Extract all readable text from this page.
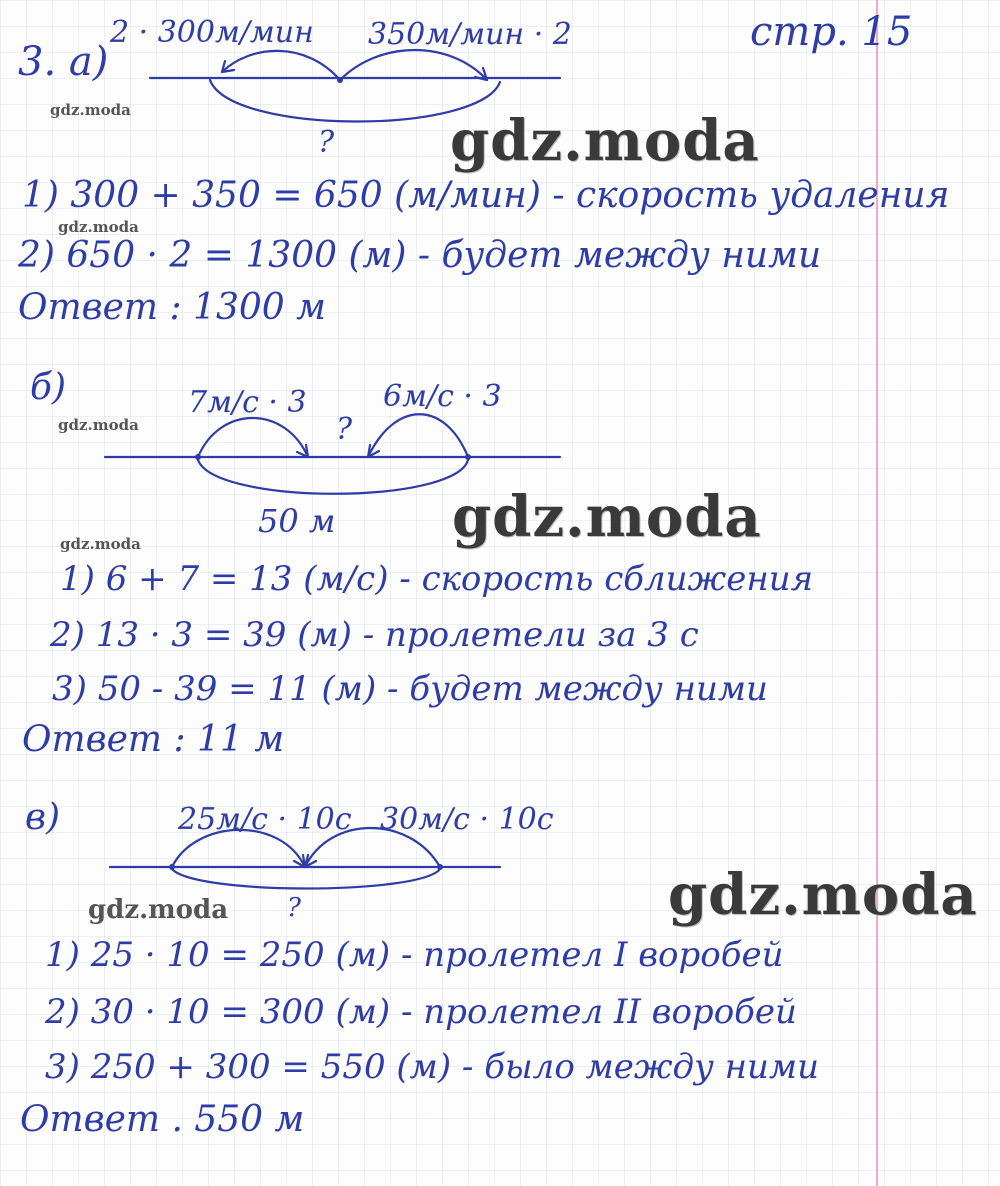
стр. 15
3. а)
2 · 300м/мин 350м/мин · 2
gdz.moda
? gdz.moda
1) 300 + 350 = 650 (м/мин) - скорость удаления
gdz.moda
2) 650 · 2 = 1300 (м) - будет между ними
Ответ : 1300 м
б)	7м/с · 3	6м/с · 3
gdz.moda	?
50 м gdz.moda
gdz.moda
1) 6 + 7 = 13 (м/с) - скорость сближения
2) 13 · 3 = 39 (м) - пролетели за 3 с
3) 50 - 39 = 11 (м) - будет между ними
Ответ : 11 м
в)	25м/с · 10с 30м/с · 10с
gdz.moda
gdz.moda ?
1) 25 · 10 = 250 (м) - пролетел I воробей
2) 30 · 10 = 300 (м) - пролетел II воробей
3) 250 + 300 = 550 (м) - было между ними
Ответ . 550 м
